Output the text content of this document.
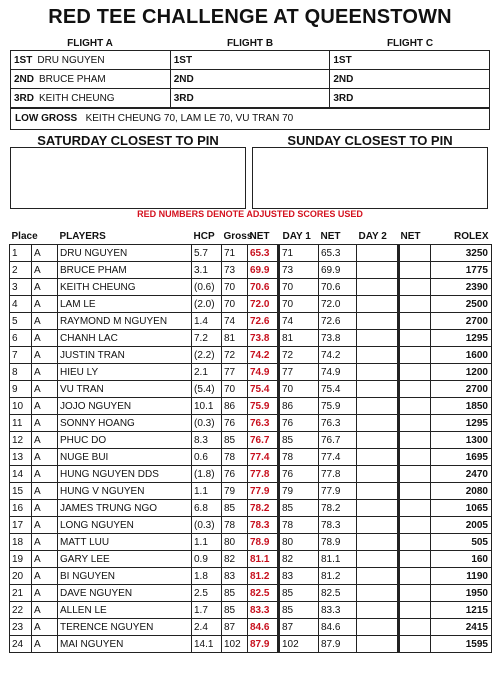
RED TEE CHALLENGE AT QUEENSTOWN
FLIGHT A	FLIGHT B	FLIGHT C
1ST DRU NGUYEN	1ST	1ST
2ND BRUCE PHAM	2ND	2ND
3RD KEITH CHEUNG	3RD	3RD
LOW GROSS KEITH CHEUNG 70, LAM LE 70, VU TRAN 70
SATURDAY CLOSEST TO PIN	SUNDAY CLOSEST TO PIN
RED NUMBERS DENOTE ADJUSTED SCORES USED
Place		PLAYERS	HCP	Gross	NET	DAY 1	NET	DAY 2	NET	ROLEX
1	A	DRU NGUYEN	5.7	71	65.3	71	65.3			3250
2	A	BRUCE PHAM	3.1	73	69.9	73	69.9			1775
3	A	KEITH CHEUNG	(0.6)	70	70.6	70	70.6			2390
4	A	LAM LE	(2.0)	70	72.0	70	72.0			2500
5	A	RAYMOND M NGUYEN	1.4	74	72.6	74	72.6			2700
6	A	CHANH LAC	7.2	81	73.8	81	73.8			1295
7	A	JUSTIN TRAN	(2.2)	72	74.2	72	74.2			1600
8	A	HIEU LY	2.1	77	74.9	77	74.9			1200
9	A	VU TRAN	(5.4)	70	75.4	70	75.4			2700
10	A	JOJO NGUYEN	10.1	86	75.9	86	75.9			1850
11	A	SONNY HOANG	(0.3)	76	76.3	76	76.3			1295
12	A	PHUC DO	8.3	85	76.7	85	76.7			1300
13	A	NUGE BUI	0.6	78	77.4	78	77.4			1695
14	A	HUNG NGUYEN DDS	(1.8)	76	77.8	76	77.8			2470
15	A	HUNG V NGUYEN	1.1	79	77.9	79	77.9			2080
16	A	JAMES TRUNG NGO	6.8	85	78.2	85	78.2			1065
17	A	LONG NGUYEN	(0.3)	78	78.3	78	78.3			2005
18	A	MATT LUU	1.1	80	78.9	80	78.9			505
19	A	GARY LEE	0.9	82	81.1	82	81.1			160
20	A	BI NGUYEN	1.8	83	81.2	83	81.2			1190
21	A	DAVE NGUYEN	2.5	85	82.5	85	82.5			1950
22	A	ALLEN LE	1.7	85	83.3	85	83.3			1215
23	A	TERENCE NGUYEN	2.4	87	84.6	87	84.6			2415
24	A	MAI NGUYEN	14.1	102	87.9	102	87.9			1595
